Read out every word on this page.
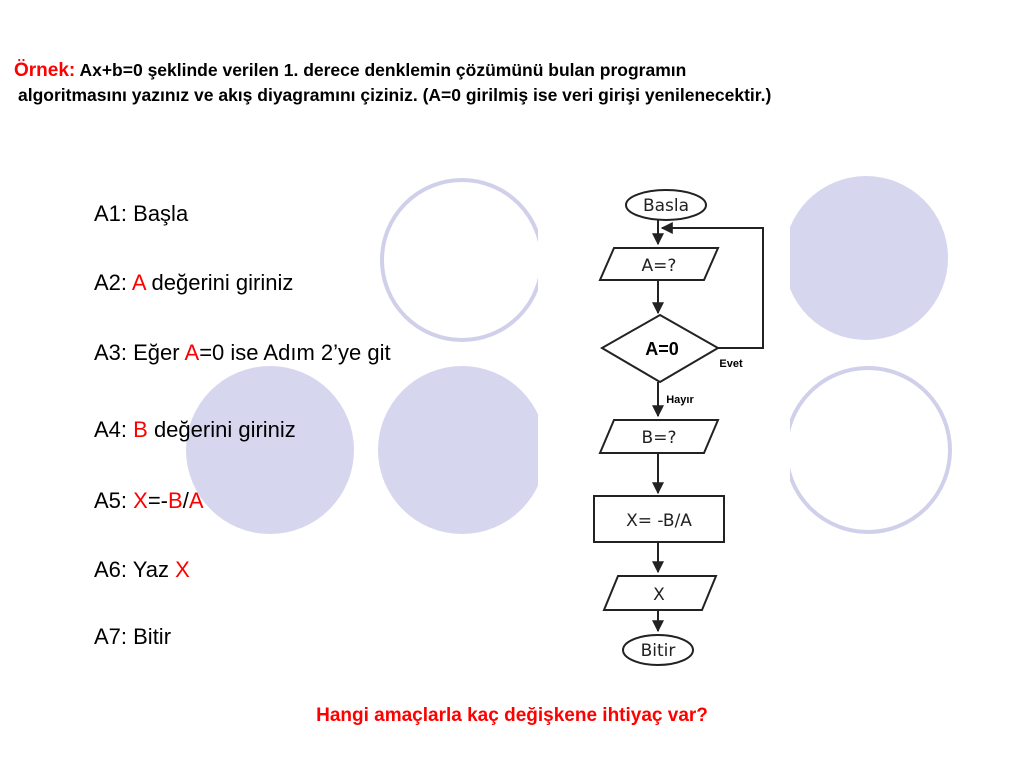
Örnek: Ax+b=0 şeklinde verilen 1. derece denklemin çözümünü bulan programın
algoritmasını yazınız ve akış diyagramını çiziniz. (A=0 girilmiş ise veri girişi yenilenecektir.)
A1: Başla
A2: A değerini giriniz
A3: Eğer A=0 ise Adım 2’ye git
A4: B değerini giriniz
A5: X=-B/A
A6: Yaz X
A7: Bitir
Basla
A=?
A=0
Evet
Hayır
B=?
X= -B/A
X
Bitir
Hangi amaçlarla kaç değişkene ihtiyaç var?
